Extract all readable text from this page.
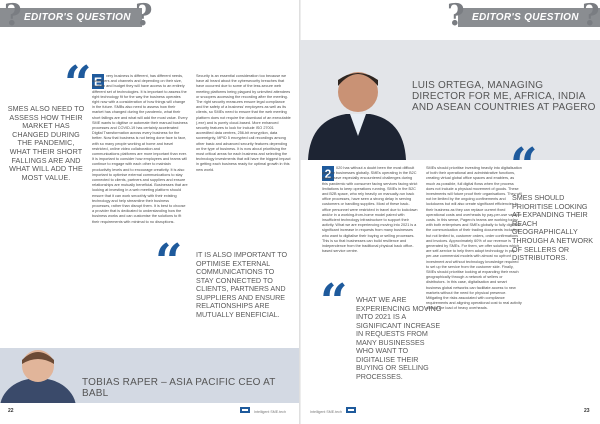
EDITOR'S QUESTION
?	?
“
SMES ALSO NEED TO ASSESS HOW THEIR MARKET HAS CHANGED DURING THE PANDEMIC, WHAT THEIR SHORT FALLINGS ARE AND WHAT WILL ADD THE MOST VALUE.
E	very business is different, has different needs, customers and channels and depending on their size, location and budget they will have access to an entirely different set of technologies. It is important to assess the right technology fit for the way the business operates right now with a consideration of how things will change in the future. SMBs also need to assess how their market has changed during the pandemic, what their short fallings are and what will add the most value. Every SME wants to digitise or automate their manual business processes and COVID-19 has certainly accelerated Digital Transformation across every business for the better. Now that business is not being done face to face, with so many people working at home and travel restricted, online video collaboration and communications platforms are more important than ever. It is important to consider how employees and teams will continue to engage with each other to maintain productivity levels and to encourage creativity. It is also important to optimise external communications to stay connected to clients, partners and suppliers and ensure relationships are mutually beneficial. Businesses that are looking at investing in a web meeting platform should ensure that it can work smoothly with their existing technology and help streamline their business processes, rather than disrupt them. It is best to choose a provider that is dedicated to understanding how the business works and can customise the solutions to fit their requirements with minimal to no disruptions.
Security is an essential consideration too because we have all heard about the cybersecurity breaches that have occurred due to some of the less-secure web meeting platforms being plagued by uninvited attendees or snoopers accessing the recording after the meeting. The right security measures ensure legal compliance and the safety of a business' employees as well as its clients, so SMEs need to ensure that the web meeting platform does not require the download of an executable (.exe) and is purely cloud-based. More enhanced security features to look for include ISO 27001 accredited data centres, 256-bit encryption, data sovereignty, MPID 5 encrypted call recordings among other basic and advanced security features depending on the type of business. It is now about prioritising the most critical areas for each business and selecting the technology investments that will have the biggest impact in getting each business ready for optimal growth in this new world.
“ IT IS ALSO IMPORTANT TO OPTIMISE EXTERNAL COMMUNICATIONS TO STAY CONNECTED TO CLIENTS, PARTNERS AND SUPPLIERS AND ENSURE RELATIONSHIPS ARE MUTUALLY BENEFICIAL.
TOBIAS RAPER – ASIA PACIFIC CEO AT BABL
22	Intelligent SME.tech
EDITOR'S QUESTION
?	?
LUIS ORTEGA, MANAGING DIRECTOR FOR ME, AFRICA, INDIA AND ASEAN COUNTRIES AT PAGERO
2	020 has without a doubt been the most difficult year for businesses globally. SMEs operating in the B2C space have especially encountered challenges during this pandemic with consumer facing services facing strict limitations to keep operations running. SMEs in the B2C and B2B space, who rely heavily on manually-run back office processes, have seen a strong delay in serving customers or handling supplies. Most of these back-office personnel were restricted in travel due to lockdown and/or in a working-from-home model paired with insufficient technology infrastructure to support their activity. What we are experiencing moving into 2021 is a significant increase in requests from many businesses who want to digitalise their buying or selling processes. This is so that businesses can build resilience and independence from the traditional physical back office-based service centre.
SMEs should prioritise investing heavily into digitalisation of both their operational and administrative functions, creating virtual global office spaces and enablers, as much as possible, full digital flows when the process does not include a physical movement of goods. These investments will future proof their organisations. They will not be limited by the ongoing confinements and lockdowns but will also create significant efficiencies to their business as they can replace current fixed operational costs and overheads by pay-per-use variable costs. In this sense, Pagero's teams are working today with both enterprises and SMEs globally to fully digitalise the communication of their trading documents including, but not limited to, customer orders, order confirmations and invoices. Approximately 60% of our revenue is generated by SMEs. For them, we offer solutions which are self-service to help them adopt technology in pay-per-use commercial models with almost no upfront investment and without technology knowledge required to set up the service from the customer side. Finally, SMEs should prioritise looking at expanding their reach geographically through a network of sellers or distributors. In this case, digitalisation and smart business global networks can facilitate access to new markets without the need for physical presence. Mitigating the risks associated with compliance requirements and aligning operational cost to real activity without the load of heavy overheads.
“ WHAT WE ARE EXPERIENCING MOVING INTO 2021 IS A SIGNIFICANT INCREASE IN REQUESTS FROM MANY BUSINESSES WHO WANT TO DIGITALISE THEIR BUYING OR SELLING PROCESSES.
“
SMES SHOULD PRIORITISE LOOKING AT EXPANDING THEIR REACH GEOGRAPHICALLY THROUGH A NETWORK OF SELLERS OR DISTRIBUTORS.
Intelligent SME.tech	23
